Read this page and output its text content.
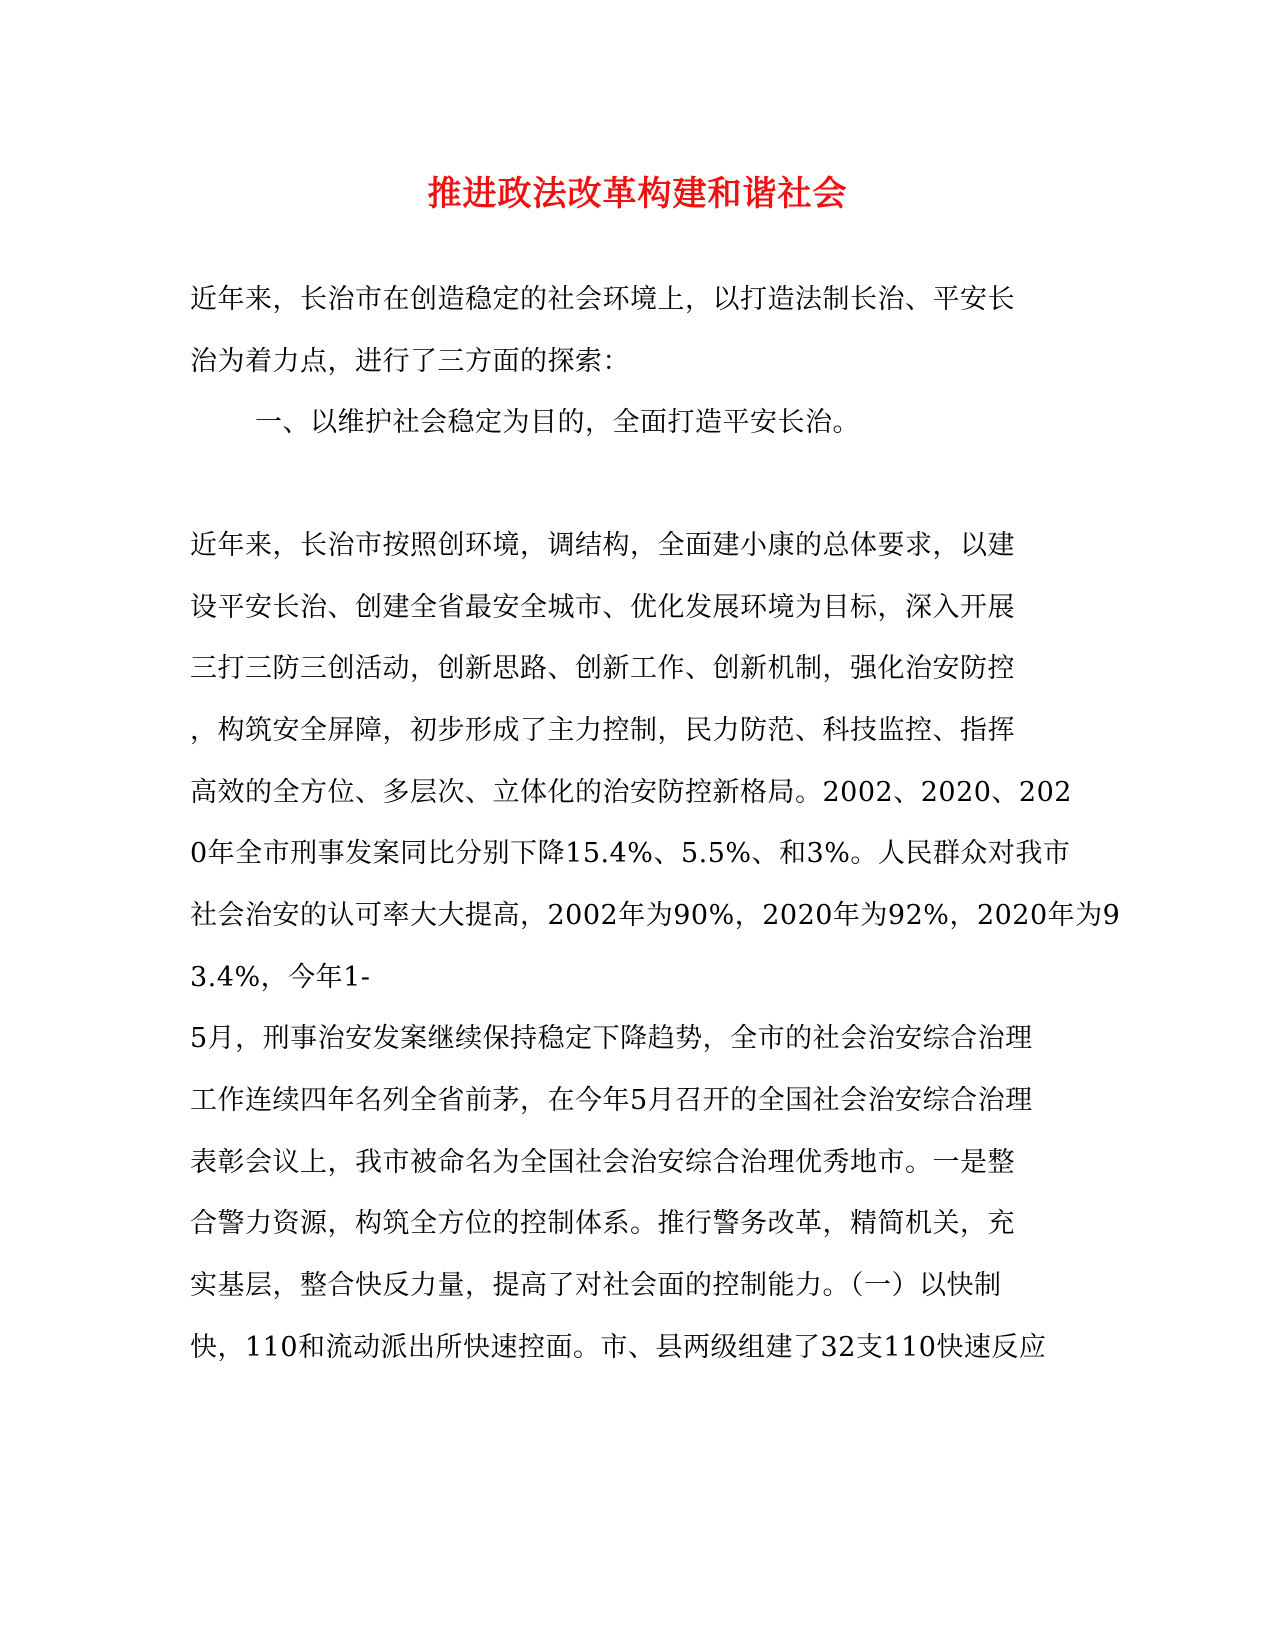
推进政法改革构建和谐社会
近年来，长治市在创造稳定的社会环境上，以打造法制长治、平安长
治为着力点，进行了三方面的探索：
一、以维护社会稳定为目的，全面打造平安长治。
近年来，长治市按照创环境，调结构，全面建小康的总体要求，以建
设平安长治、创建全省最安全城市、优化发展环境为目标，深入开展
三打三防三创活动，创新思路、创新工作、创新机制，强化治安防控
，构筑安全屏障，初步形成了主力控制，民力防范、科技监控、指挥
高效的全方位、多层次、立体化的治安防控新格局。2002、2020、202
0年全市刑事发案同比分别下降15.4%、5.5%、和3%。人民群众对我市
社会治安的认可率大大提高，2002年为90%，2020年为92%，2020年为9
3.4%，今年1-
5月，刑事治安发案继续保持稳定下降趋势，全市的社会治安综合治理
工作连续四年名列全省前茅，在今年5月召开的全国社会治安综合治理
表彰会议上，我市被命名为全国社会治安综合治理优秀地市。一是整
合警力资源，构筑全方位的控制体系。推行警务改革，精简机关，充
实基层，整合快反力量，提高了对社会面的控制能力。（一）以快制
快，110和流动派出所快速控面。市、县两级组建了32支110快速反应
